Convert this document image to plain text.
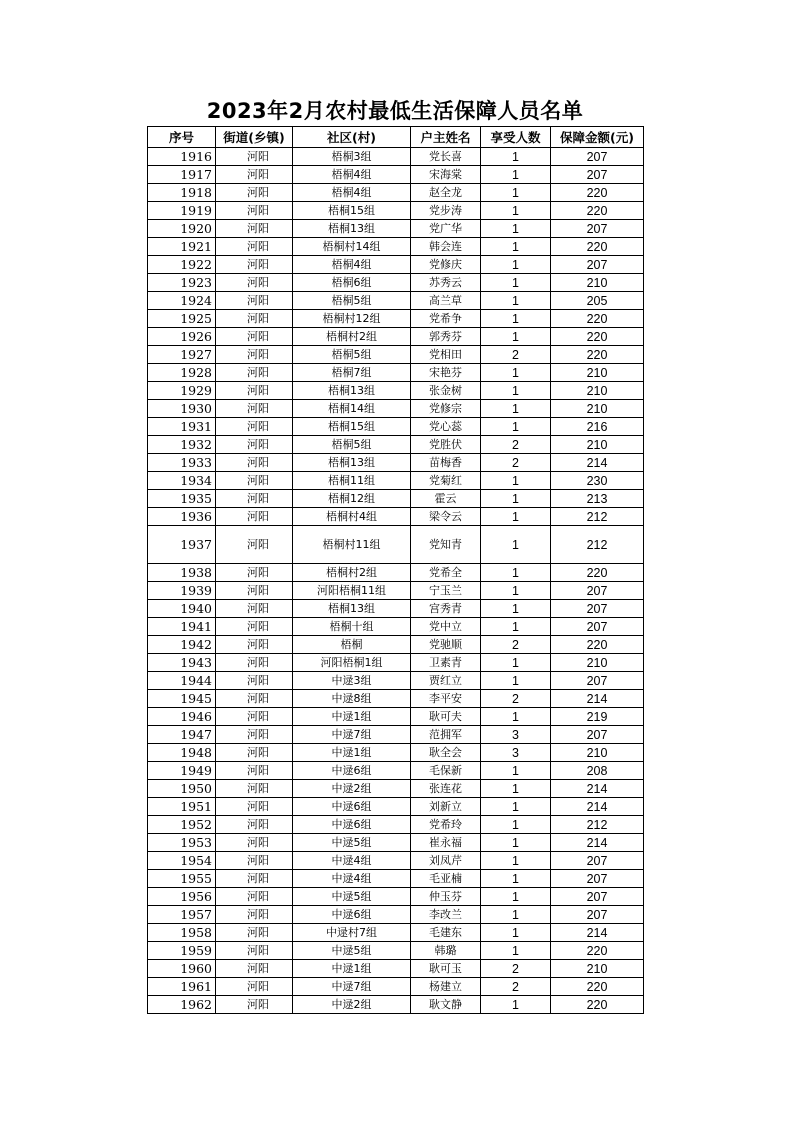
2023年2月农村最低生活保障人员名单
序号	街道(乡镇)	社区(村)	户主姓名	享受人数	保障金额(元)
1916	河阳	梧桐3组	党长喜	1	207
1917	河阳	梧桐4组	宋海棠	1	207
1918	河阳	梧桐4组	赵全龙	1	220
1919	河阳	梧桐15组	党步涛	1	220
1920	河阳	梧桐13组	党广华	1	207
1921	河阳	梧桐村14组	韩会连	1	220
1922	河阳	梧桐4组	党修庆	1	207
1923	河阳	梧桐6组	苏秀云	1	210
1924	河阳	梧桐5组	高兰草	1	205
1925	河阳	梧桐村12组	党希争	1	220
1926	河阳	梧桐村2组	郭秀芬	1	220
1927	河阳	梧桐5组	党相田	2	220
1928	河阳	梧桐7组	宋艳芬	1	210
1929	河阳	梧桐13组	张金树	1	210
1930	河阳	梧桐14组	党修宗	1	210
1931	河阳	梧桐15组	党心蕊	1	216
1932	河阳	梧桐5组	党胜伏	2	210
1933	河阳	梧桐13组	苗梅香	2	214
1934	河阳	梧桐11组	党菊红	1	230
1935	河阳	梧桐12组	霍云	1	213
1936	河阳	梧桐村4组	梁令云	1	212
1937	河阳	梧桐村11组	党知青	1	212
1938	河阳	梧桐村2组	党希全	1	220
1939	河阳	河阳梧桐11组	宁玉兰	1	207
1940	河阳	梧桐13组	宫秀青	1	207
1941	河阳	梧桐十组	党中立	1	207
1942	河阳	梧桐	党驰顺	2	220
1943	河阳	河阳梧桐1组	卫素青	1	210
1944	河阳	中逯3组	贾红立	1	207
1945	河阳	中逯8组	李平安	2	214
1946	河阳	中逯1组	耿可夫	1	219
1947	河阳	中逯7组	范拥军	3	207
1948	河阳	中逯1组	耿全会	3	210
1949	河阳	中逯6组	毛保新	1	208
1950	河阳	中逯2组	张连花	1	214
1951	河阳	中逯6组	刘新立	1	214
1952	河阳	中逯6组	党希玲	1	212
1953	河阳	中逯5组	崔永福	1	214
1954	河阳	中逯4组	刘凤芹	1	207
1955	河阳	中逯4组	毛亚楠	1	207
1956	河阳	中逯5组	仲玉芬	1	207
1957	河阳	中逯6组	李改兰	1	207
1958	河阳	中逯村7组	毛建东	1	214
1959	河阳	中逯5组	韩璐	1	220
1960	河阳	中逯1组	耿可玉	2	210
1961	河阳	中逯7组	杨建立	2	220
1962	河阳	中逯2组	耿文静	1	220
